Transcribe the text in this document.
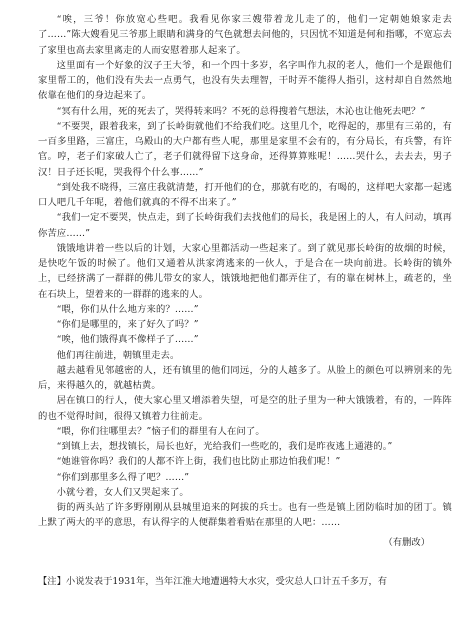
“唉，三爷！你放宽心些吧。我看见你家三嫂带着龙儿走了的，他们一定朝她娘家走去了……”陈大嫂看见三爷那上眼睛和满身的气色就想去问他的，只因忧不知道是何和指哪，不宽忘去了家里也高去家里离走的人而安慰着那人起来了。

这里面有一个好象的汉子王大爷，和一个四十多岁，名字叫作九叔的老人，他们一个是跟他们家里帮工的，他们没有失去一点勇气，也没有失去理智，干时弄不能得人指引，这村却自自然然地依靠在他们的身边起来了。

“冥有什么用，死的死去了，哭得转来吗？不死的总得搜着气想法，木沁也让他死去吧？”

“不要哭，跟着我来，到了长岭街就他们不给我们吃。这里几个，吃得起的，那里有三弟的，有一百多里路，三富庄，乌殿山的大户都有些人呢，那里是家里不会有的，有分局长，有兵警，有许官。哼，老子们家破人亡了，老子们就得留下这身命，还得算算账呢！……哭什么，去去去，男子汉！日子还长呢，哭我得个什么事……”

“到处我不晓得，三富庄我就清楚，打开他们的仓，那就有吃的，有喝的，这样吧大家都一起逃口人吧几千年呢，着他们就真的不得不出来了。”

“我们一定不要哭，快点走，到了长岭街我们去找他们的局长，我是困上的人，有人问动，填再你苦应……”

饿饿地讲着一些以后的计划，大家心里都活动一些起来了。到了就见那长岭街的故烟的时候，是快吃午饭的时候了。他们又通着从洪家湾逃来的一伙人，于是合在一块向前进。长岭街的镇外上，已经挤满了一群群的佛儿带女的家人，饿饿地把他们都弄住了，有的靠在树林上，疏老的，坐在石块上，望着来的一群群的逃来的人。

“喂，你们从什么地方来的？……”

“你们是哪里的，来了好久了吗？”

“唉，他们饿得真不像样子了……”

他们再往前进，朝镇里走去。

越去越看见邻越密的人，还有镇里的他们同远，分的人越多了。从脸上的颜色可以辨别来的先后，来得越久的，就越枯黄。

居在镇口的行人，使大家心里又增添着失望，可是空的肚子里为一种大饿饿着，有的，一阵阵的也不觉得时间，很得又镇着力往前走。

“喂，你们往哪里去？”恼子们的群里有人在问了。

“到镇上去，想找镇长，局长也好，光给我们一些吃的，我们是昨夜逃上通港的。”

“她谁管你吗？我们的人都不许上街，我们也比防止那边怕我们呢！”

“你们到那里多么得了吧？……”

小就兮着，女人们又哭起来了。

街的两头站了许多野刚刚从县城里追来的阿拔的兵士。也有一些是镇上团防临时加的团丁。镇上默了两大的平的意思，有认得字的人便群集着看贴在那里的人吧：……

（有删改）

【注】小说发表于1931年，当年江淮大地遭遇特大水灾，受灾总人口计五千多万，有
